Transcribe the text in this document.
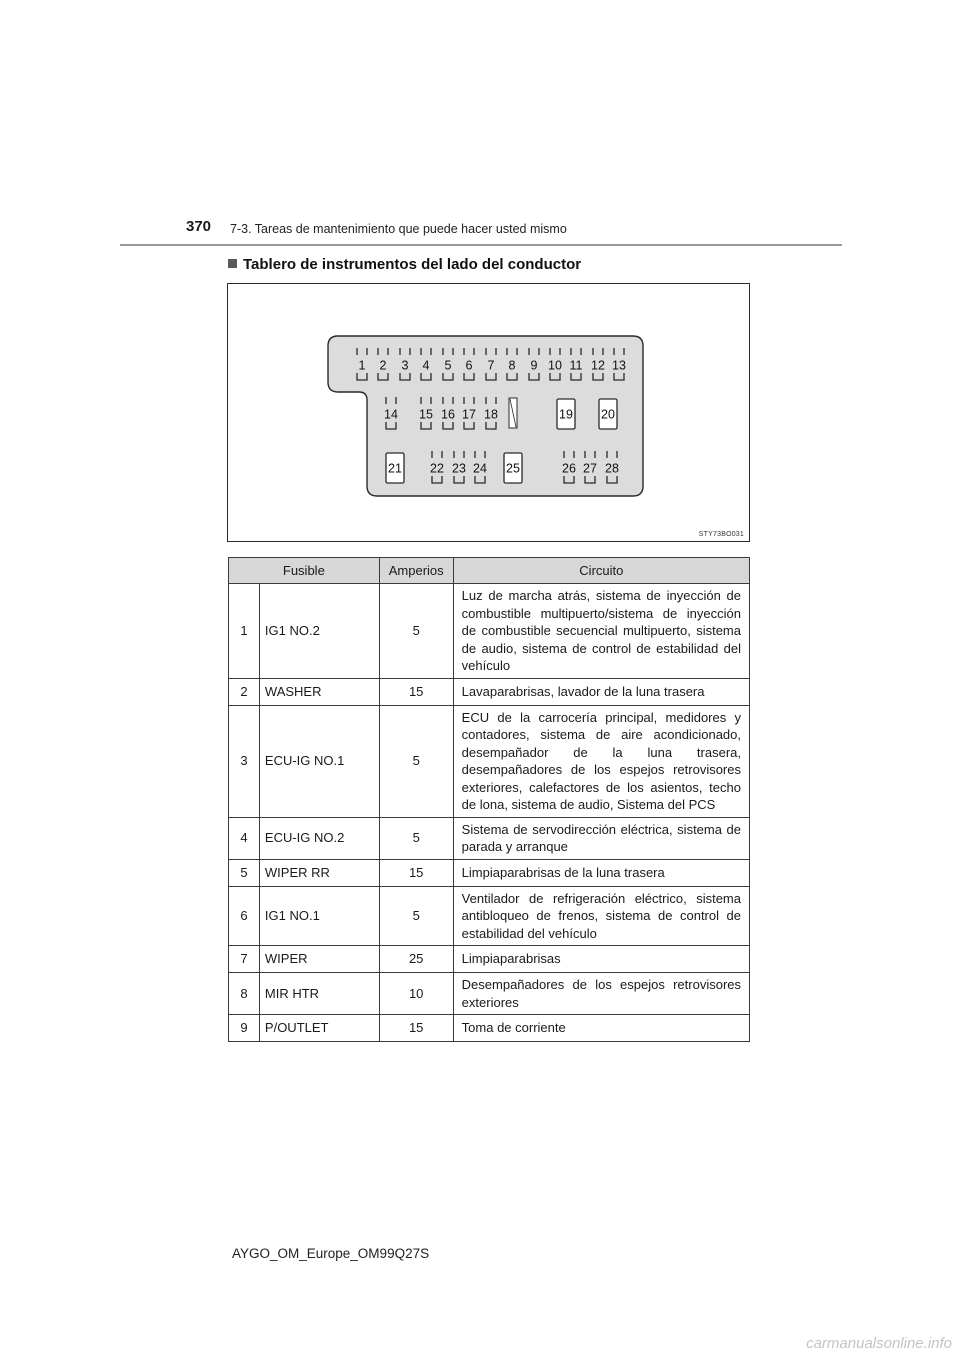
370 7-3. Tareas de mantenimiento que puede hacer usted mismo
Tablero de instrumentos del lado del conductor
1 2 3 4 5 6 7 8 9 10 11 12 13
14 15 16 17 18	19 20
21 22 23 24 25	26 27 28
STY73BO031
Fusible		Amperios	Circuito
1	IG1 NO.2	5	Luz de marcha atrás, sistema de inyección de combustible multipuerto/sistema de inyección de combustible secuencial multipuerto, sistema de audio, sistema de control de estabilidad del vehículo
2	WASHER	15	Lavaparabrisas, lavador de la luna trasera
3	ECU-IG NO.1	5	ECU de la carrocería principal, medidores y contadores, sistema de aire acondicionado, desempañador de la luna trasera, desempañadores de los espejos retrovisores exteriores, calefactores de los asientos, techo de lona, sistema de audio, Sistema del PCS
4	ECU-IG NO.2	5	Sistema de servodirección eléctrica, sistema de parada y arranque
5	WIPER RR	15	Limpiaparabrisas de la luna trasera
6	IG1 NO.1	5	Ventilador de refrigeración eléctrico, sistema antibloqueo de frenos, sistema de control de estabilidad del vehículo
7	WIPER	25	Limpiaparabrisas
8	MIR HTR	10	Desempañadores de los espejos retrovisores exteriores
9	P/OUTLET	15	Toma de corriente
AYGO_OM_Europe_OM99Q27S
carmanualsonline.info
